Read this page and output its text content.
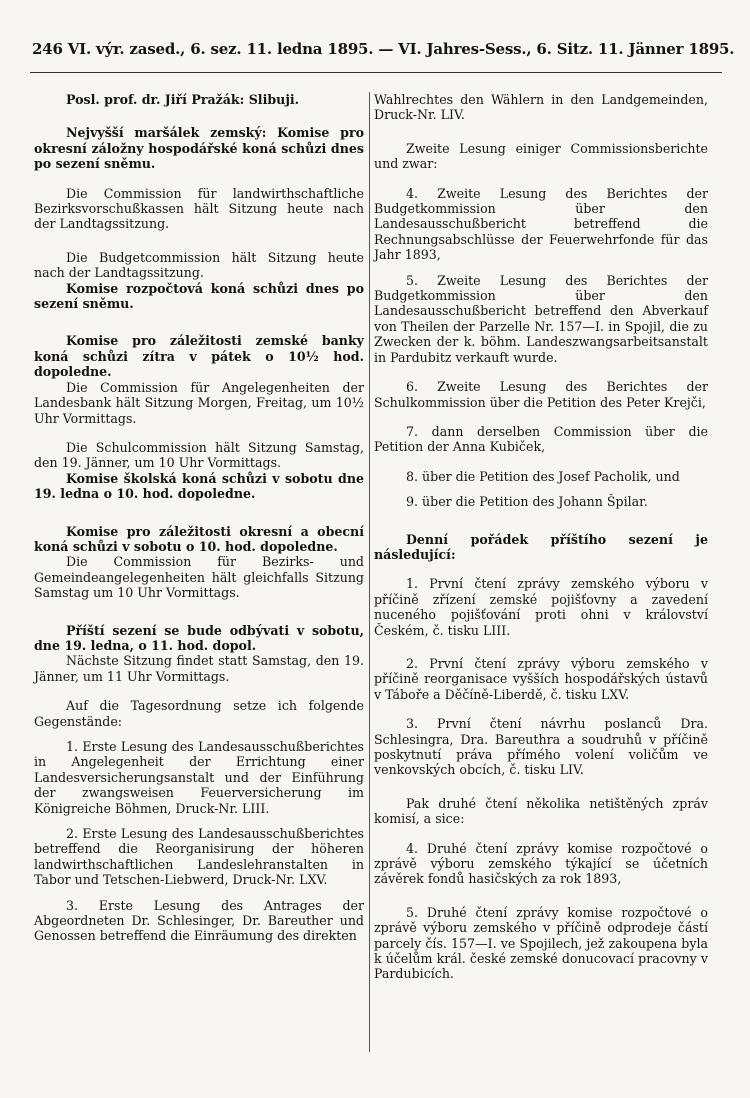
246 VI. výr. zased., 6. sez. 11. ledna 1895. — VI. Jahres-Sess., 6. Sitz. 11. Jänner 1895.

Posl. prof. dr. Jiří Pražák: Slibuji.

Nejvyšší maršálek zemský: Komise pro okresní záložny hospodářské koná schůzi dnes po sezení sněmu.

Die Commission für landwirthschaftliche Bezirksvorschußkassen hält Sitzung heute nach der Landtagssitzung.

Die Budgetcommission hält Sitzung heute nach der Landtagssitzung.

Komise rozpočtová koná schůzi dnes po sezení sněmu.

Komise pro záležitosti zemské banky koná schůzi zítra v pátek o 10½ hod. dopoledne.

Die Commission für Angelegenheiten der Landesbank hält Sitzung Morgen, Freitag, um 10½ Uhr Vormittags.

Die Schulcommission hält Sitzung Samstag, den 19. Jänner, um 10 Uhr Vormittags.

Komise školská koná schůzi v sobotu dne 19. ledna o 10. hod. dopoledne.

Komise pro záležitosti okresní a obecní koná schůzi v sobotu o 10. hod. dopoledne.

Die Commission für Bezirks- und Gemeindeangelegenheiten hält gleichfalls Sitzung Samstag um 10 Uhr Vormittags.

Příští sezení se bude odbývati v sobotu, dne 19. ledna, o 11. hod. dopol.

Nächste Sitzung findet statt Samstag, den 19. Jänner, um 11 Uhr Vormittags.

Auf die Tagesordnung setze ich folgende Gegenstände:

1. Erste Lesung des Landesausschußberichtes in Angelegenheit der Errichtung einer Landesversicherungsanstalt und der Einführung der zwangsweisen Feuerversicherung im Königreiche Böhmen, Druck-Nr. LIII.

2. Erste Lesung des Landesausschußberichtes betreffend die Reorganisirung der höheren landwirthschaftlichen Landeslehranstalten in Tabor und Tetschen-Liebwerd, Druck-Nr. LXV.

3. Erste Lesung des Antrages der Abgeordneten Dr. Schlesinger, Dr. Bareuther und Genossen betreffend die Einräumung des direkten

Wahlrechtes den Wählern in den Landgemeinden, Druck-Nr. LIV.

Zweite Lesung einiger Commissionsberichte und zwar:

4. Zweite Lesung des Berichtes der Budgetkommission über den Landesausschußbericht betreffend die Rechnungsabschlüsse der Feuerwehrfonde für das Jahr 1893,

5. Zweite Lesung des Berichtes der Budgetkommission über den Landesausschußbericht betreffend den Abverkauf von Theilen der Parzelle Nr. 157—I. in Spojil, die zu Zwecken der k. böhm. Landeszwangsarbeitsanstalt in Pardubitz verkauft wurde.

6. Zweite Lesung des Berichtes der Schulkommission über die Petition des Peter Krejči,

7. dann derselben Commission über die Petition der Anna Kubiček,

8. über die Petition des Josef Pacholik, und

9. über die Petition des Johann Špilar.

Denní pořádek příštího sezení je následující:

1. První čtení zprávy zemského výboru v příčině zřízení zemské pojišťovny a zavedení nuceného pojišťování proti ohni v království Českém, č. tisku LIII.

2. První čtení zprávy výboru zemského v příčině reorganisace vyšších hospodářských ústavů v Táboře a Děčíně-Liberdě, č. tisku LXV.

3. První čtení návrhu poslanců Dra. Schlesingra, Dra. Bareuthra a soudruhů v příčině poskytnutí práva přímého volení voličům ve venkovských obcích, č. tisku LIV.

Pak druhé čtení několika netištěných zpráv komisí, a sice:

4. Druhé čtení zprávy komise rozpočtové o zprávě výboru zemského týkající se účetních závěrek fondů hasičských za rok 1893,

5. Druhé čtení zprávy komise rozpočtové o zprávě výboru zemského v příčině odprodeje částí parcely čís. 157—I. ve Spojilech, jež zakoupena byla k účelům král. české zemské donucovací pracovny v Pardubicích.
